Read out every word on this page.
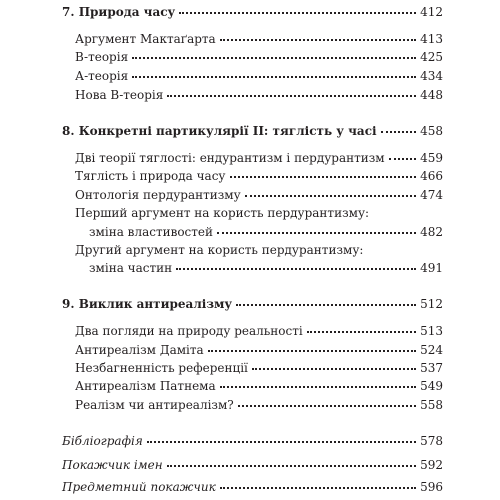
7. Природа часу	412
Аргумент Мактаґарта	413
B-теорія	425
А-теорія	434
Нова В-теорія	448
8. Конкретні партикулярії II: тяглість у часі	458
Дві теорії тяглості: ендурантизм і пердурантизм	459
Тяглість і природа часу	466
Онтологія пердурантизму	474
Перший аргумент на користь пердурантизму:
зміна властивостей	482
Другий аргумент на користь пердурантизму:
зміна частин	491
9. Виклик антиреалізму	512
Два погляди на природу реальності	513
Антиреалізм Даміта	524
Незбагненність референції	537
Антиреалізм Патнема	549
Реалізм чи антиреалізм?	558
Бібліографія	578
Покажчик імен	592
Предметний покажчик	596
